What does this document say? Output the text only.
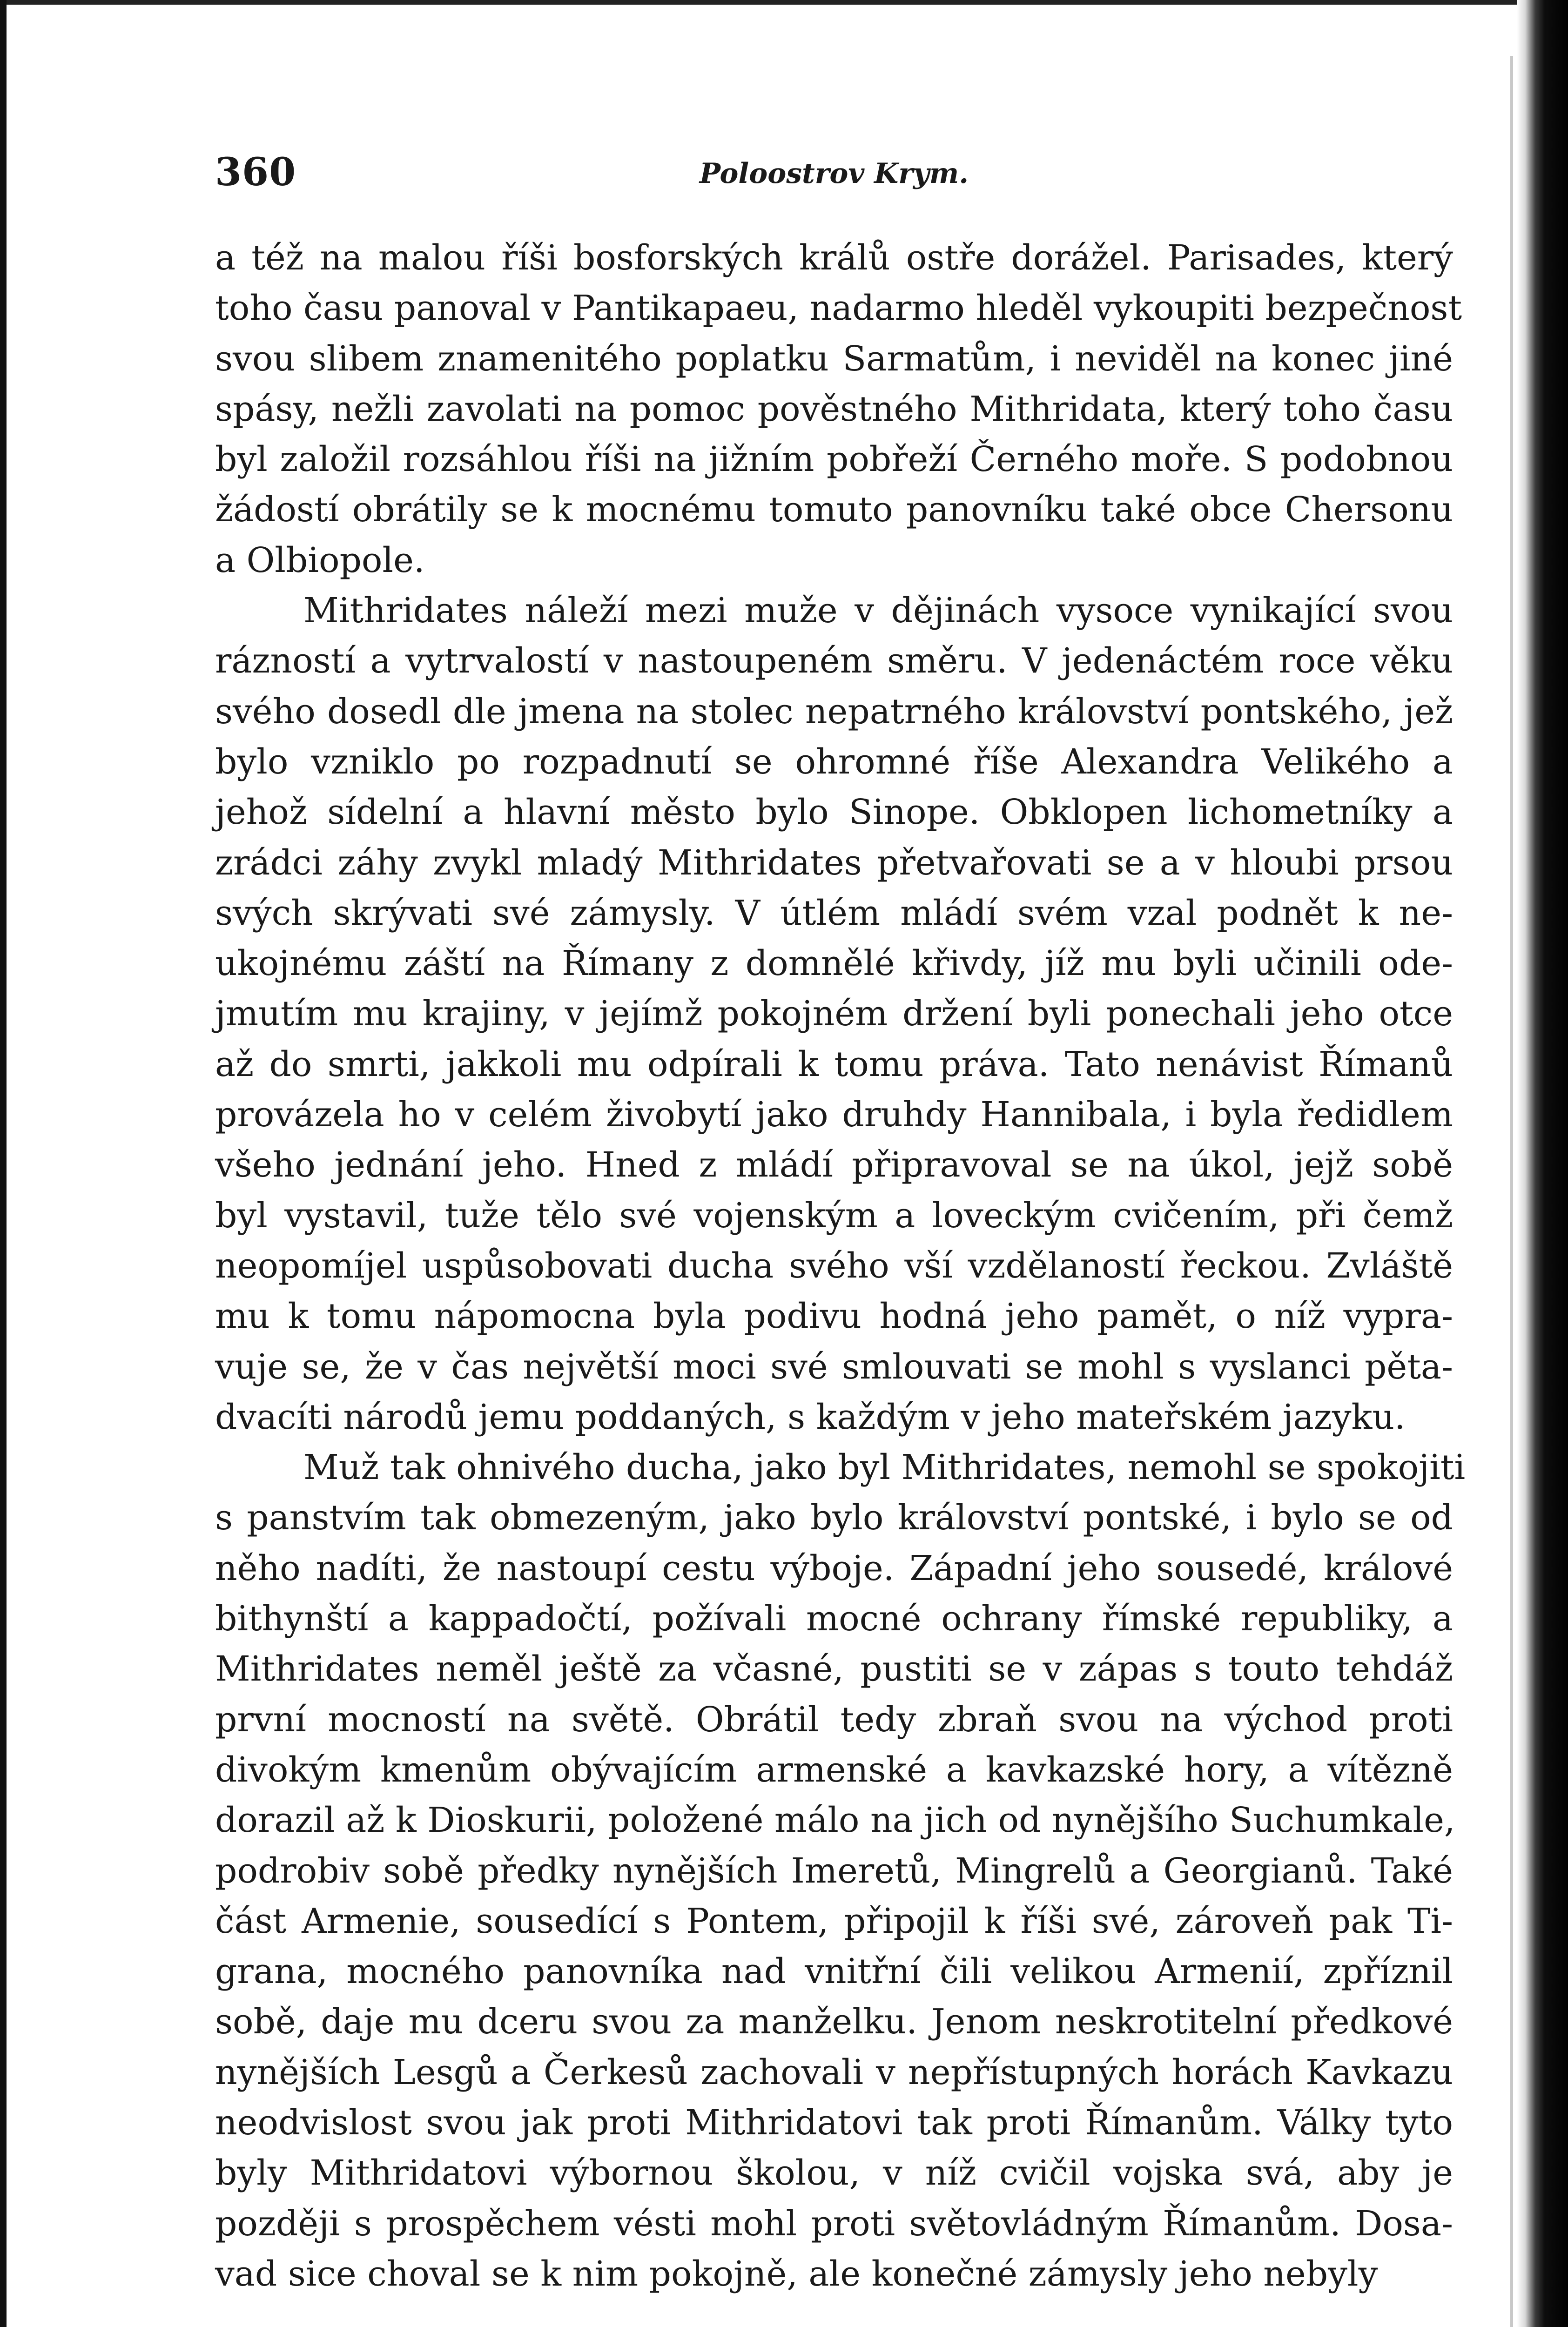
360	Poloostrov Krym.

a též na malou říši bosforských králů ostře dorážel. Parisades, který
toho času panoval v Pantikapaeu, nadarmo hleděl vykoupiti bezpečnost
svou slibem znamenitého poplatku Sarmatům, i neviděl na konec jiné
spásy, nežli zavolati na pomoc pověstného Mithridata, který toho času
byl založil rozsáhlou říši na jižním pobřeží Černého moře. S podobnou
žádostí obrátily se k mocnému tomuto panovníku také obce Chersonu
a Olbiopole.

Mithridates náleží mezi muže v dějinách vysoce vynikající svou
rázností a vytrvalostí v nastoupeném směru. V jedenáctém roce věku
svého dosedl dle jmena na stolec nepatrného království pontského, jež
bylo vzniklo po rozpadnutí se ohromné říše Alexandra Velikého a
jehož sídelní a hlavní město bylo Sinope. Obklopen lichometníky a
zrádci záhy zvykl mladý Mithridates přetvařovati se a v hloubi prsou
svých skrývati své zámysly. V útlém mládí svém vzal podnět k ne-
ukojnému záští na Římany z domnělé křivdy, jíž mu byli učinili ode-
jmutím mu krajiny, v jejímž pokojném držení byli ponechali jeho otce
až do smrti, jakkoli mu odpírali k tomu práva. Tato nenávist Římanů
provázela ho v celém živobytí jako druhdy Hannibala, i byla ředidlem
všeho jednání jeho. Hned z mládí připravoval se na úkol, jejž sobě
byl vystavil, tuže tělo své vojenským a loveckým cvičením, při čemž
neopomíjel uspůsobovati ducha svého vší vzdělaností řeckou. Zvláště
mu k tomu nápomocna byla podivu hodná jeho pamět, o níž vypra-
vuje se, že v čas největší moci své smlouvati se mohl s vyslanci pěta-
dvacíti národů jemu poddaných, s každým v jeho mateřském jazyku.

Muž tak ohnivého ducha, jako byl Mithridates, nemohl se spokojiti
s panstvím tak obmezeným, jako bylo království pontské, i bylo se od
něho nadíti, že nastoupí cestu výboje. Západní jeho sousedé, králové
bithynští a kappadočtí, požívali mocné ochrany římské republiky, a
Mithridates neměl ještě za včasné, pustiti se v zápas s touto tehdáž
první mocností na světě. Obrátil tedy zbraň svou na východ proti
divokým kmenům obývajícím armenské a kavkazské hory, a vítězně
dorazil až k Dioskurii, položené málo na jich od nynějšího Suchumkale,
podrobiv sobě předky nynějších Imeretů, Mingrelů a Georgianů. Také
část Armenie, sousedící s Pontem, připojil k říši své, zároveň pak Ti-
grana, mocného panovníka nad vnitřní čili velikou Armenií, zpříznil
sobě, daje mu dceru svou za manželku. Jenom neskrotitelní předkové
nynějších Lesgů a Čerkesů zachovali v nepřístupných horách Kavkazu
neodvislost svou jak proti Mithridatovi tak proti Římanům. Války tyto
byly Mithridatovi výbornou školou, v níž cvičil vojska svá, aby je
později s prospěchem vésti mohl proti světovládným Římanům. Dosa-
vad sice choval se k nim pokojně, ale konečné zámysly jeho nebyly
